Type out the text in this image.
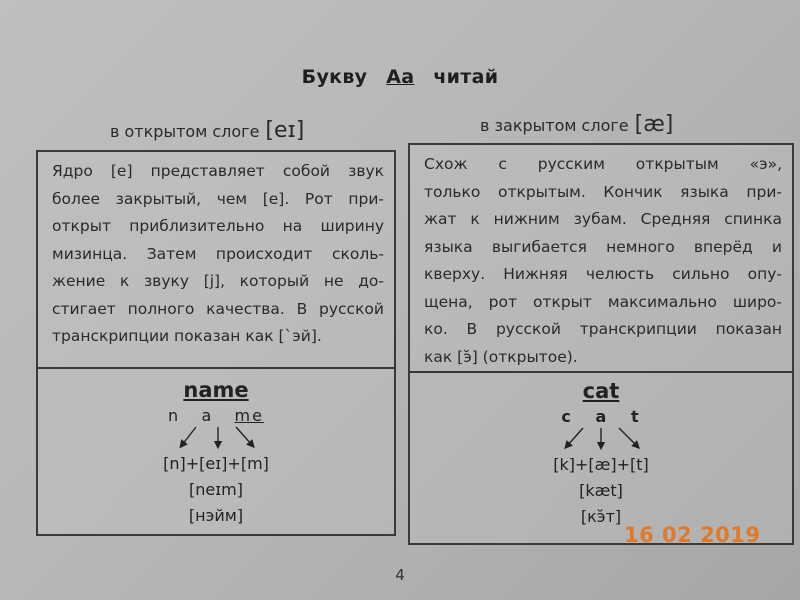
Букву Aa читай
в открытом слоге [eɪ]	в закрытом слоге [æ]
Ядро [e] представляет собой звук
более закрытый, чем [e]. Рот при-
открыт приблизительно на ширину
мизинца. Затем происходит сколь-
жение к звуку [j], который не до-
стигает полного качества. В русской
транскрипции показан как [`эй].
name
n a me
[n]+[eɪ]+[m]
[neɪm]
[нэйм]
Схож с русским открытым «э»,
только открытым. Кончик языка при-
жат к нижним зубам. Средняя спинка
языка выгибается немного вперёд и
кверху. Нижняя челюсть сильно опу-
щена, рот открыт максимально широ-
ко. В русской транскрипции показан
как [э̆] (открытое).
cat
c a t
[k]+[æ]+[t]
[kæt]
[кэ̆т]
4
16 02 2019
